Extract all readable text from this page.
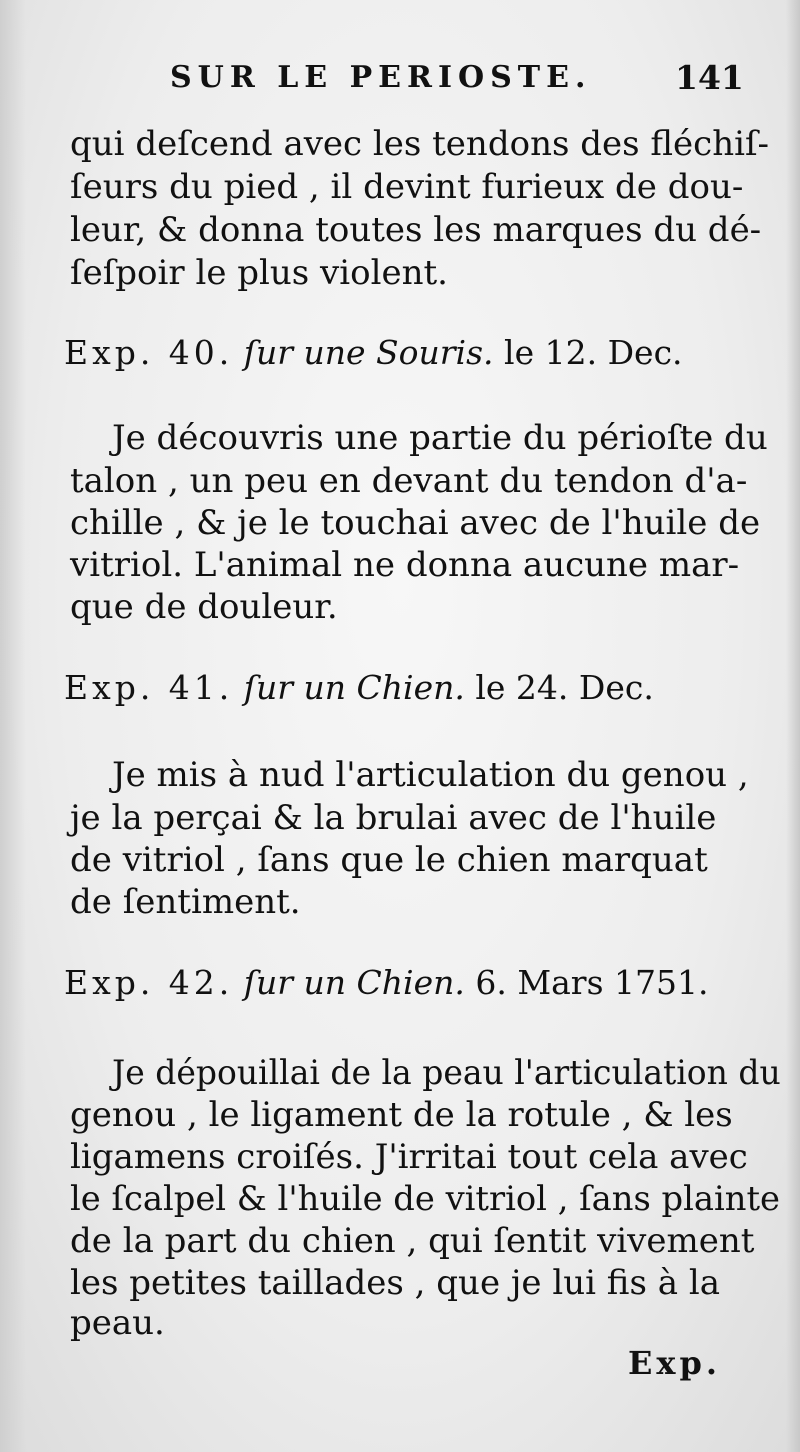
SUR LE PERIOSTE.	141
qui deſcend avec les tendons des fléchiſ-
ſeurs du pied , il devint furieux de dou-
leur, & donna toutes les marques du dé-
ſeſpoir le plus violent.
Exp. 40. ſur une Souris. le 12. Dec.
Je découvris une partie du périoſte du
talon , un peu en devant du tendon d'a-
chille , & je le touchai avec de l'huile de
vitriol. L'animal ne donna aucune mar-
que de douleur.
Exp. 41. ſur un Chien. le 24. Dec.
Je mis à nud l'articulation du genou ,
je la perçai & la brulai avec de l'huile
de vitriol , ſans que le chien marquat
de ſentiment.
Exp. 42. ſur un Chien. 6. Mars 1751.
Je dépouillai de la peau l'articulation du
genou , le ligament de la rotule , & les
ligamens croiſés. J'irritai tout cela avec
le ſcalpel & l'huile de vitriol , ſans plainte
de la part du chien , qui ſentit vivement
les petites taillades , que je lui fis à la
peau.
Exp.
